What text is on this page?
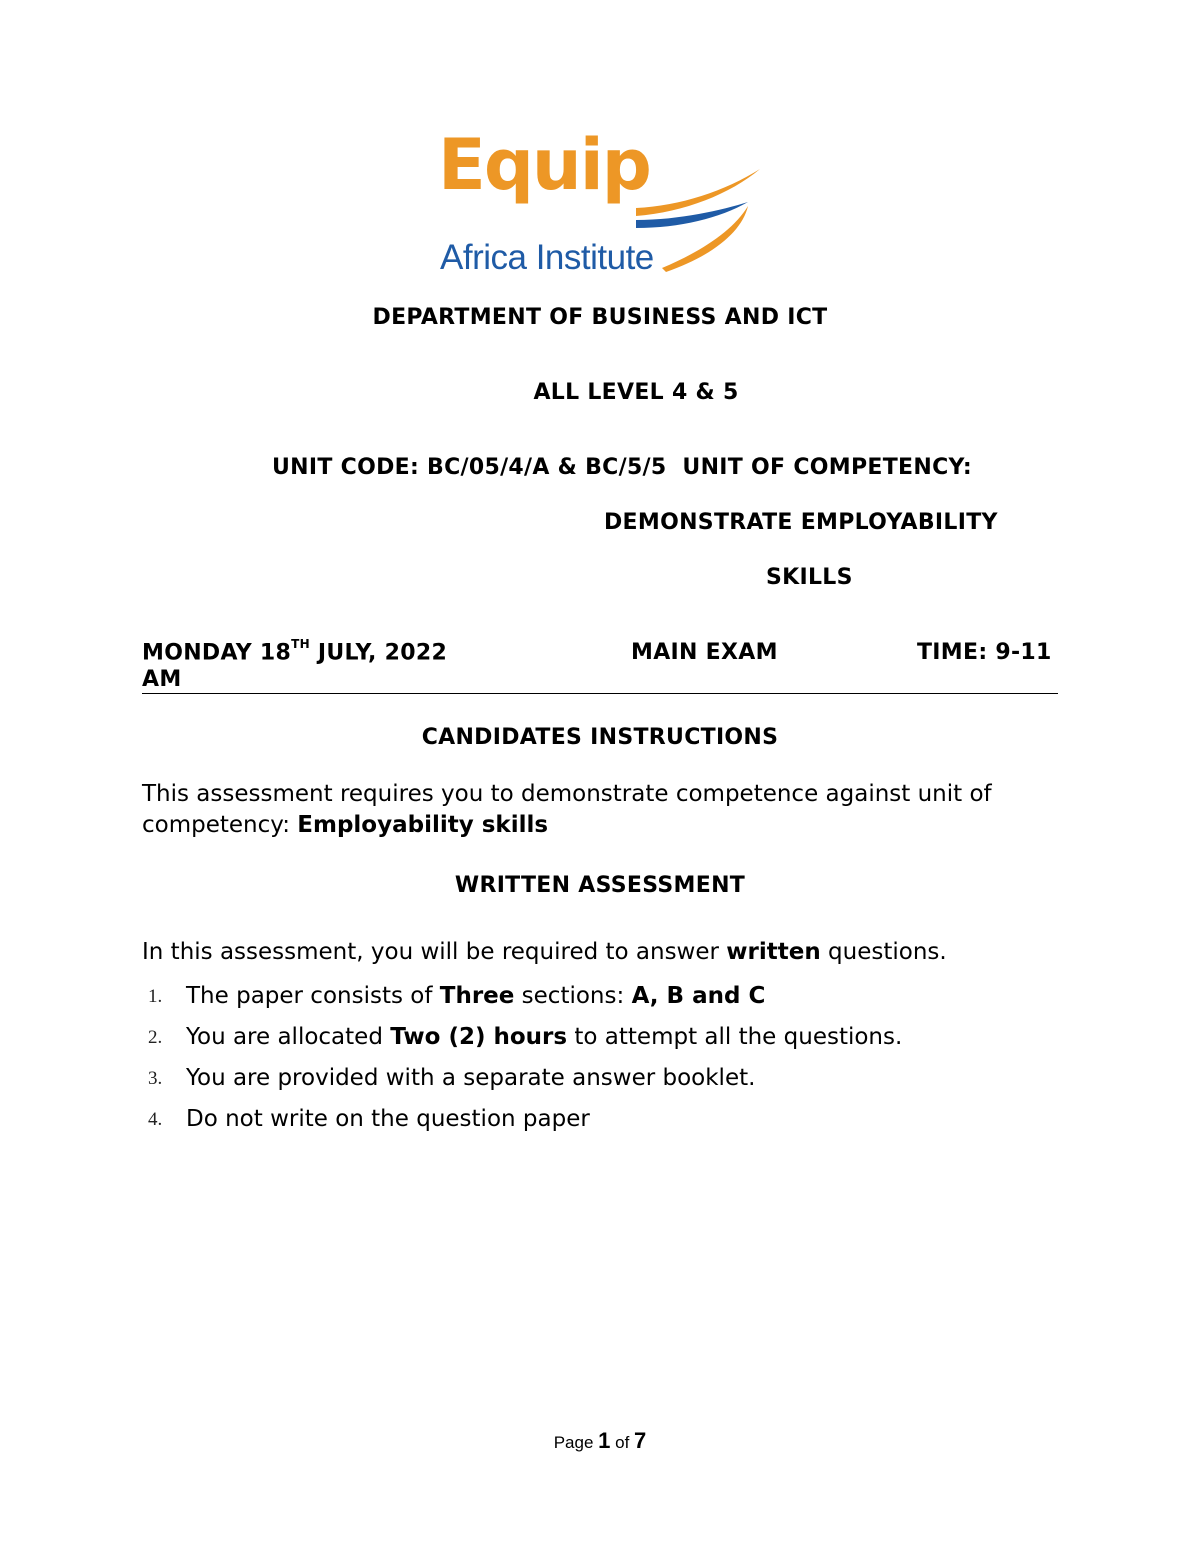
Equip
Africa Institute
DEPARTMENT OF BUSINESS AND ICT
ALL LEVEL 4 & 5
UNIT CODE: BC/05/4/A & BC/5/5  UNIT OF COMPETENCY:
DEMONSTRATE EMPLOYABILITY
SKILLS
MONDAY 18TH JULY, 2022	MAIN EXAM	TIME: 9-11
AM
CANDIDATES INSTRUCTIONS
This assessment requires you to demonstrate competence against unit of
competency: Employability skills
WRITTEN ASSESSMENT
In this assessment, you will be required to answer written questions.
1. The paper consists of Three sections: A, B and C
2. You are allocated Two (2) hours to attempt all the questions.
3. You are provided with a separate answer booklet.
4. Do not write on the question paper
Page 1 of 7
